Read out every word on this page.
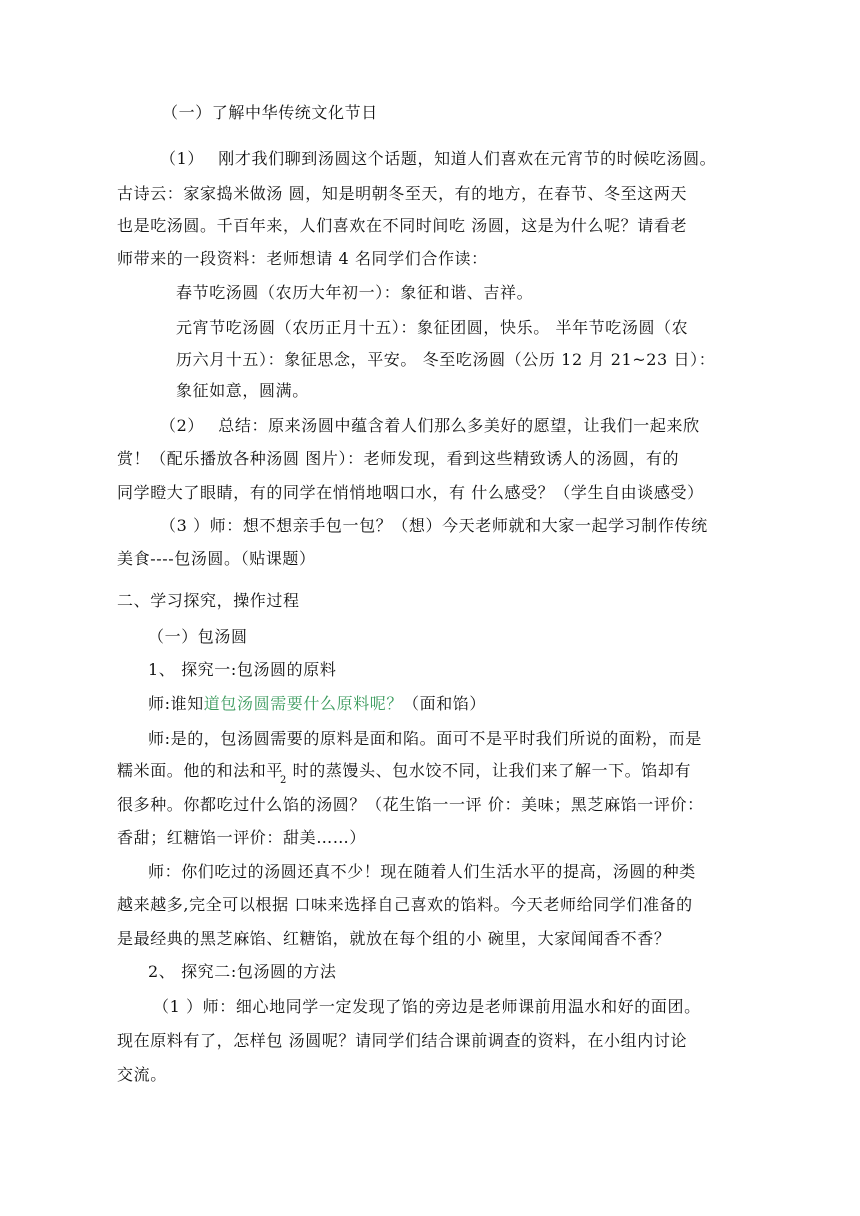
（一）了解中华传统文化节日
（1）　 刚才我们聊到汤圆这个话题，知道人们喜欢在元宵节的时候吃汤圆。
古诗云：家家捣米做汤 圆，知是明朝冬至天，有的地方，在春节、冬至这两天
也是吃汤圆。千百年来，人们喜欢在不同时间吃 汤圆，这是为什么呢？请看老
师带来的一段资料：老师想请 4 名同学们合作读：
春节吃汤圆（农历大年初一）：象征和谐、吉祥。
元宵节吃汤圆（农历正月十五）：象征团圆，快乐。 半年节吃汤圆（农
历六月十五）：象征思念，平安。 冬至吃汤圆（公历 12 月 21~23 日）：
象征如意，圆满。
（2）　 总结：原来汤圆中蕴含着人们那么多美好的愿望，让我们一起来欣
赏！（配乐播放各种汤圆 图片）：老师发现，看到这些精致诱人的汤圆，有的
同学瞪大了眼睛，有的同学在悄悄地咽口水，有 什么感受？（学生自由谈感受）
（3 ）师：想不想亲手包一包？（想）今天老师就和大家一起学习制作传统
美食----包汤圆。（贴课题）
二、学习探究，操作过程
（一）包汤圆
1、 探究一:包汤圆的原料
师:谁知道包汤圆需要什么原料呢？（面和馅）
师:是的，包汤圆需要的原料是面和陷。面可不是平时我们所说的面粉，而是
糯米面。他的和法和平$_2$ 时的蒸馒头、包水饺不同，让我们来了解一下。馅却有
很多种。你都吃过什么馅的汤圆？（花生馅一一评 价：美味；黑芝麻馅一评价：
香甜；红糖馅一评价：甜美……）
师：你们吃过的汤圆还真不少！现在随着人们生活水平的提高，汤圆的种类
越来越多,完全可以根据 口味来选择自己喜欢的馅料。今天老师给同学们准备的
是最经典的黑芝麻馅、红糖馅，就放在每个组的小 碗里，大家闻闻香不香？
2、 探究二:包汤圆的方法
（1 ）师：细心地同学一定发现了馅的旁边是老师课前用温水和好的面团。
现在原料有了，怎样包 汤圆呢？请同学们结合课前调查的资料，在小组内讨论
交流。
